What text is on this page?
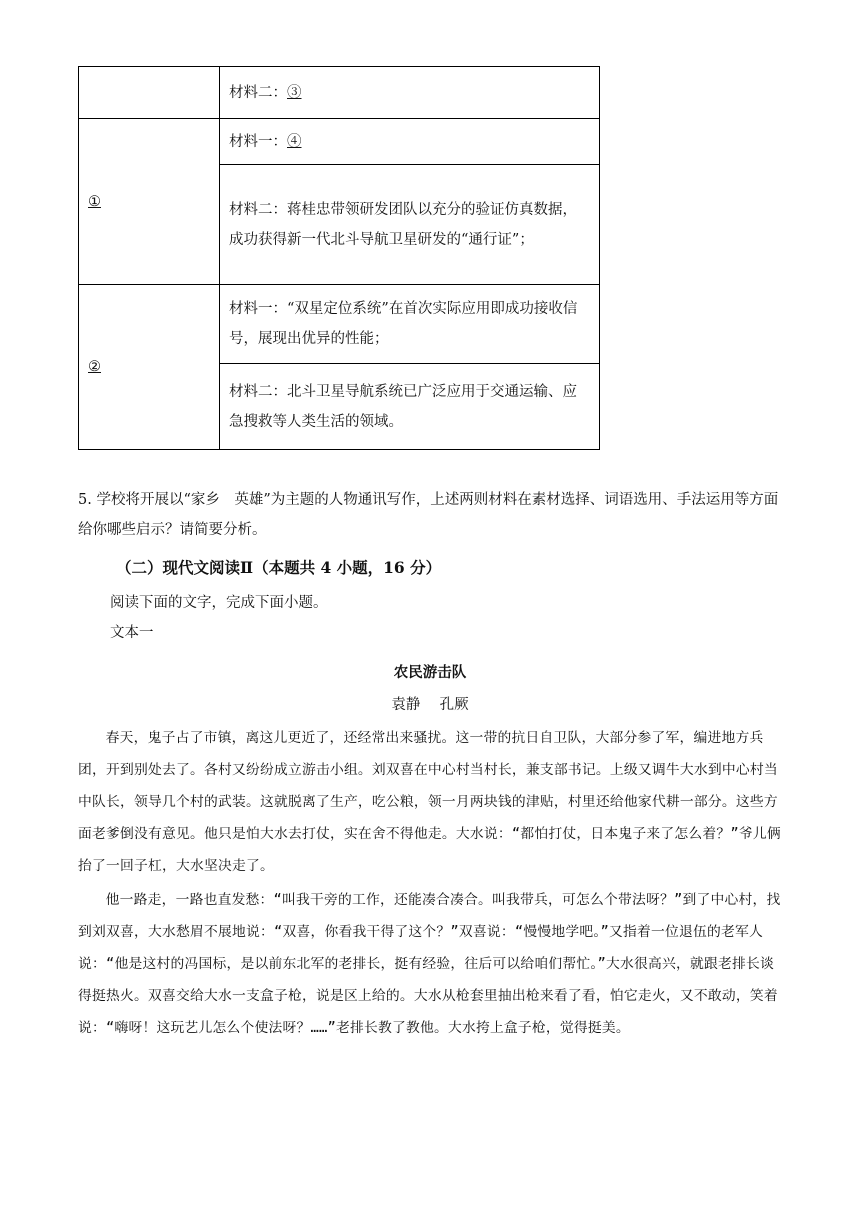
	材料二：③
①	材料一：④
	材料二：蒋桂忠带领研发团队以充分的验证仿真数据，成功获得新一代北斗导航卫星研发的“通行证”；
②	材料一：“双星定位系统”在首次实际应用即成功接收信号，展现出优异的性能；
	材料二：北斗卫星导航系统已广泛应用于交通运输、应急搜救等人类生活的领域。

5. 学校将开展以“家乡　英雄”为主题的人物通讯写作，上述两则材料在素材选择、词语选用、手法运用等方面给你哪些启示？请简要分析。

（二）现代文阅读Ⅱ（本题共 4 小题，16 分）

阅读下面的文字，完成下面小题。

文本一

农民游击队

袁静 孔厥

春天，鬼子占了市镇，离这儿更近了，还经常出来骚扰。这一带的抗日自卫队，大部分参了军，编进地方兵团，开到别处去了。各村又纷纷成立游击小组。刘双喜在中心村当村长，兼支部书记。上级又调牛大水到中心村当中队长，领导几个村的武装。这就脱离了生产，吃公粮，领一月两块钱的津贴，村里还给他家代耕一部分。这些方面老爹倒没有意见。他只是怕大水去打仗，实在舍不得他走。大水说：“都怕打仗，日本鬼子来了怎么着？”爷儿俩抬了一回子杠，大水坚决走了。

他一路走，一路也直发愁：“叫我干旁的工作，还能凑合凑合。叫我带兵，可怎么个带法呀？”到了中心村，找到刘双喜，大水愁眉不展地说：“双喜，你看我干得了这个？”双喜说：“慢慢地学吧。”又指着一位退伍的老军人说：“他是这村的冯国标，是以前东北军的老排长，挺有经验，往后可以给咱们帮忙。”大水很高兴，就跟老排长谈得挺热火。双喜交给大水一支盒子枪，说是区上给的。大水从枪套里抽出枪来看了看，怕它走火，又不敢动，笑着说：“嗨呀！这玩艺儿怎么个使法呀？……”老排长教了教他。大水挎上盒子枪，觉得挺美。
